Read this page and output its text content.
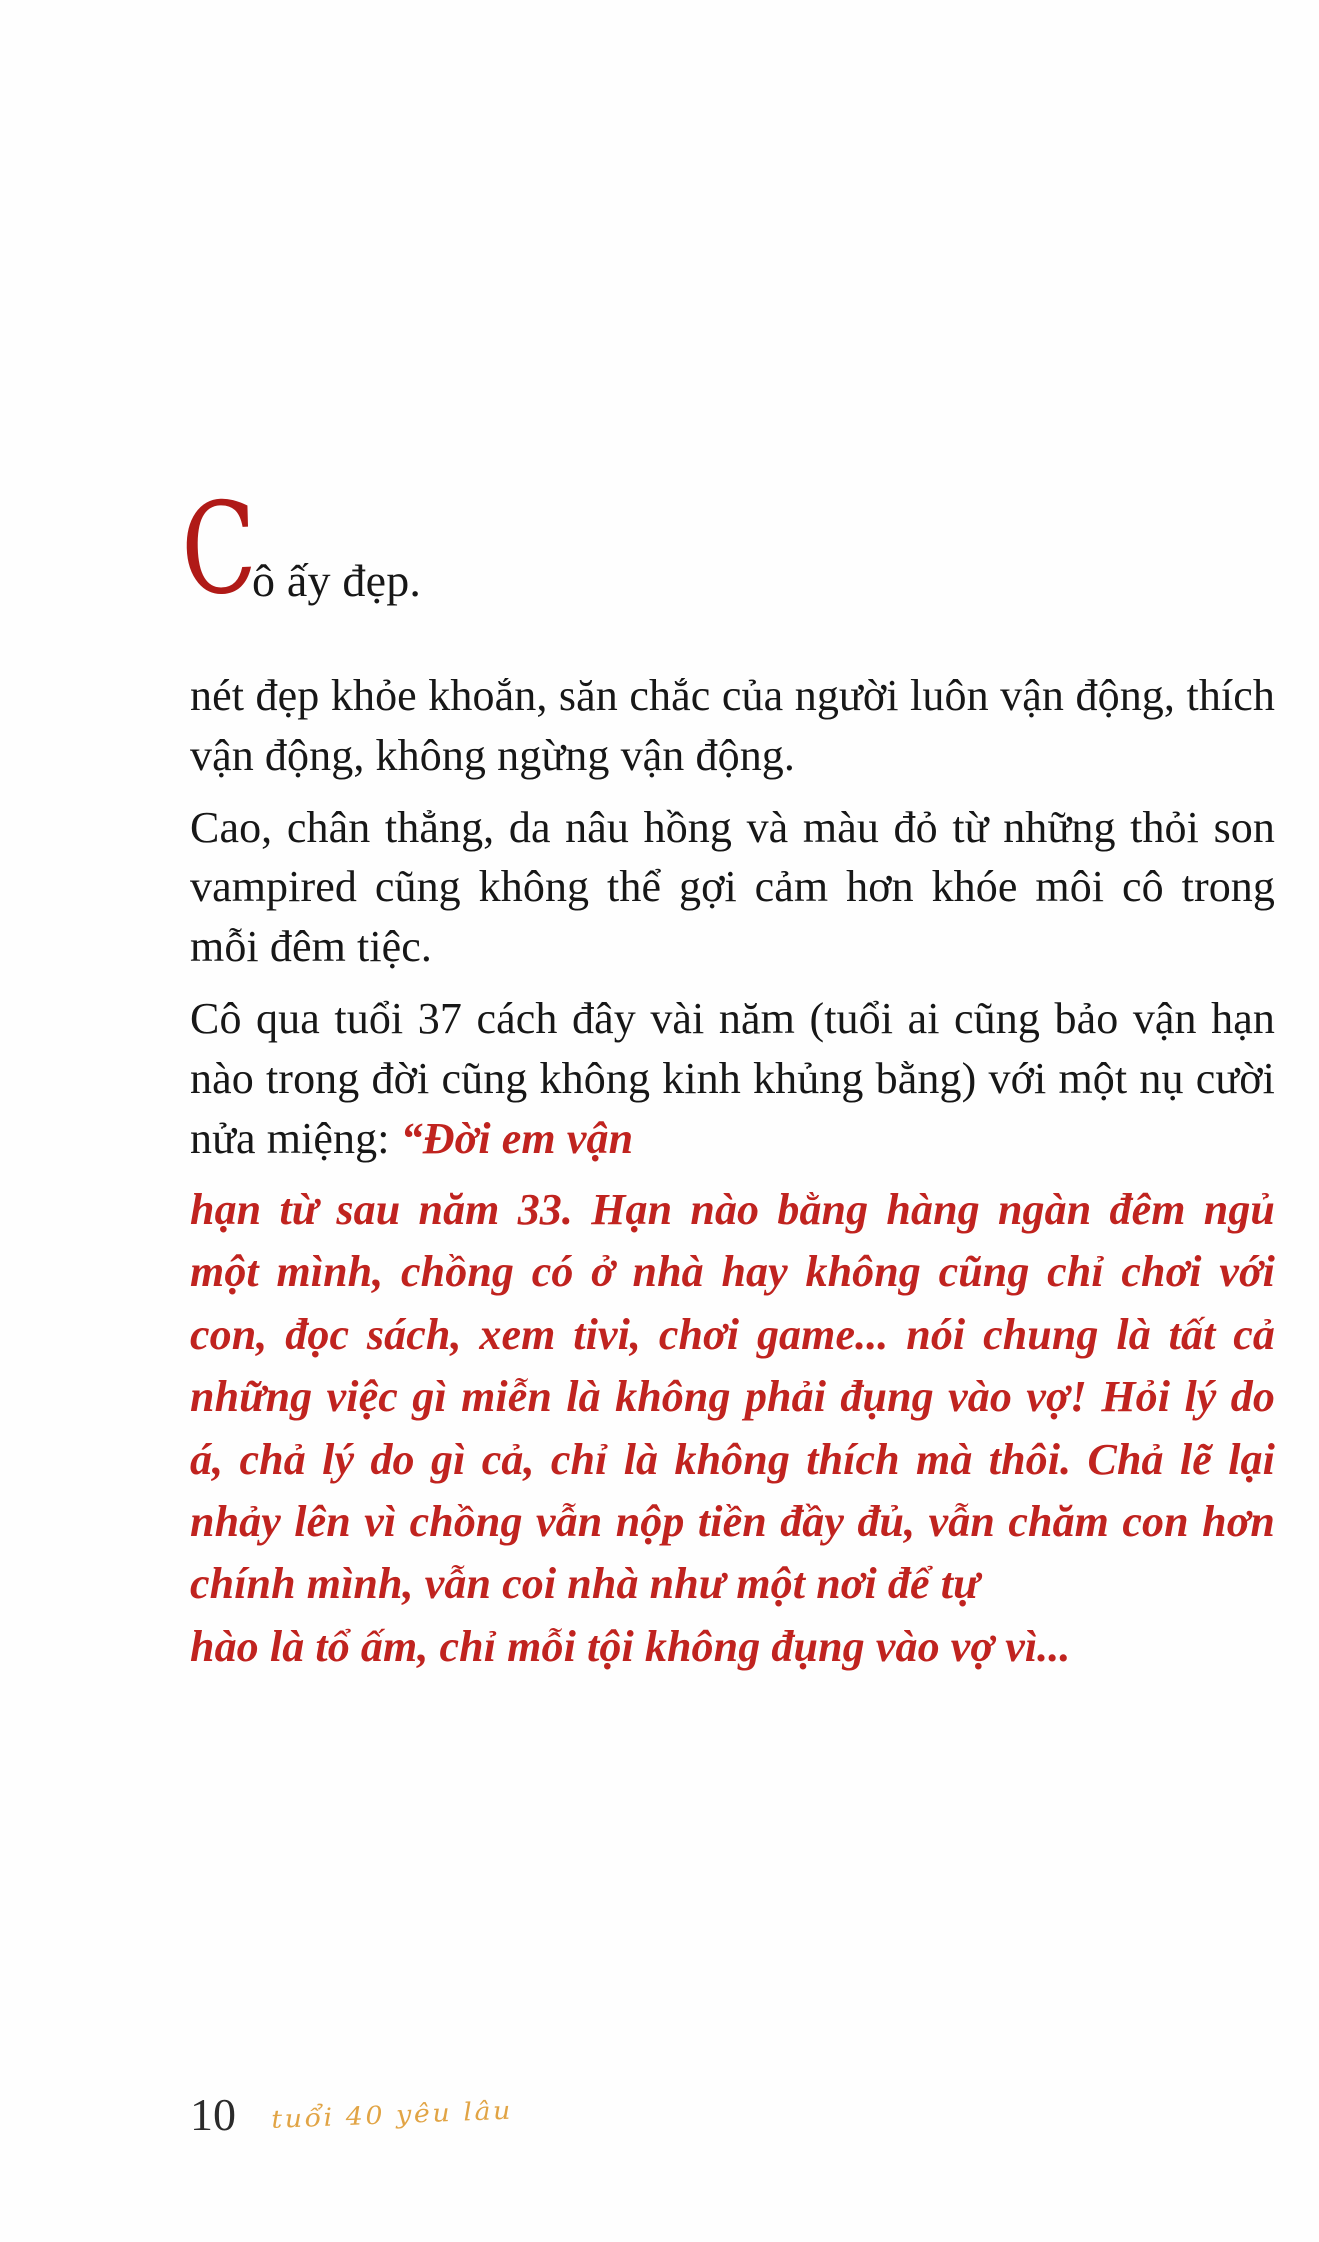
C
ô ấy đẹp.

nét đẹp khỏe khoắn, săn chắc của người luôn vận động, thích vận động, không ngừng vận động.

Cao, chân thẳng, da nâu hồng và màu đỏ từ những thỏi son vampired cũng không thể gợi cảm hơn khóe môi cô trong mỗi đêm tiệc.

Cô qua tuổi 37 cách đây vài năm (tuổi ai cũng bảo vận hạn nào trong đời cũng không kinh khủng bằng) với một nụ cười nửa miệng: “Đời em vận

hạn từ sau năm 33. Hạn nào bằng hàng ngàn đêm ngủ một mình, chồng có ở nhà hay không cũng chỉ chơi với con, đọc sách, xem tivi, chơi game... nói chung là tất cả những việc gì miễn là không phải đụng vào vợ! Hỏi lý do á, chả lý do gì cả, chỉ là không thích mà thôi. Chả lẽ lại nhảy lên vì chồng vẫn nộp tiền đầy đủ, vẫn chăm con hơn chính mình, vẫn coi nhà như một nơi để tự

hào là tổ ấm, chỉ mỗi tội không đụng vào vợ vì...

10 tuổi 40 yêu lâu
